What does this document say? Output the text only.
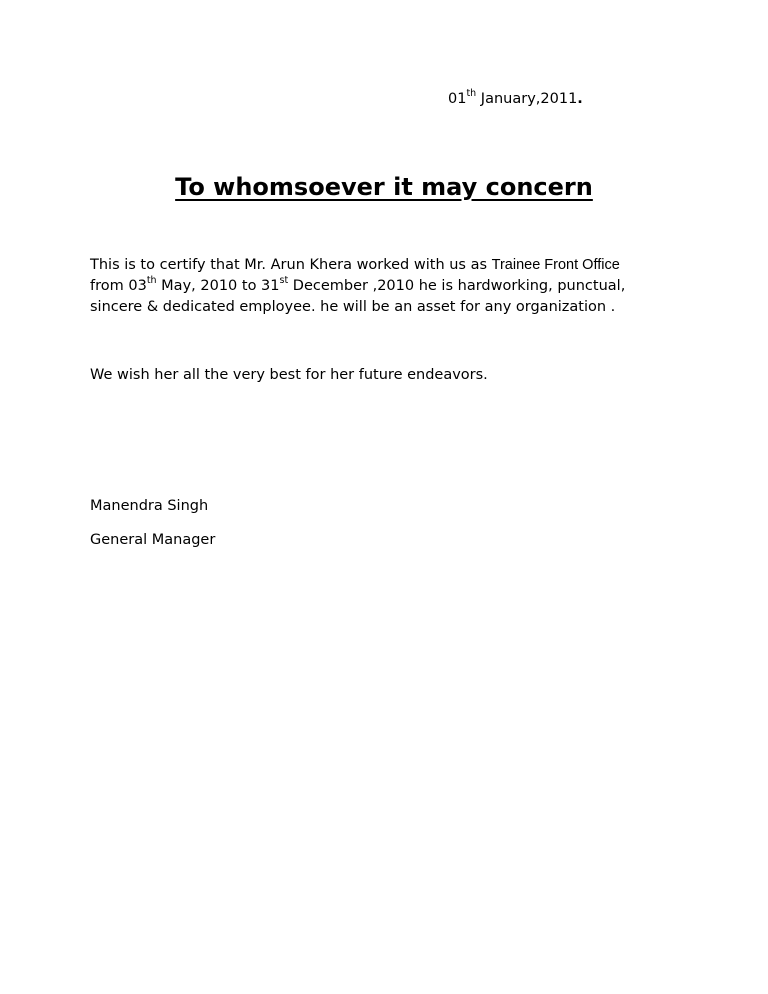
01th January,2011.
To whomsoever it may concern
This is to certify that Mr. Arun Khera worked with us as Trainee Front Office
from 03th May, 2010 to 31st December ,2010 he is hardworking, punctual,
sincere & dedicated employee. he will be an asset for any organization .
We wish her all the very best for her future endeavors.
Manendra Singh
General Manager
